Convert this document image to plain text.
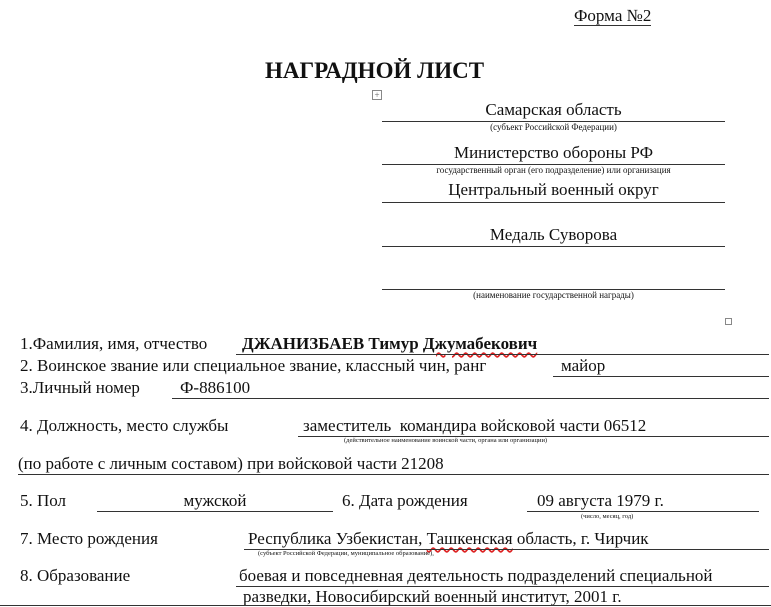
Форма №2
НАГРАДНОЙ ЛИСТ
+
Самарская область
(субъект Российской Федерации)
Министерство обороны РФ
государственный орган (его подразделение) или организация
Центральный военный округ
Медаль Суворова
(наименование государственной награды)
1.Фамилия, имя, отчество ДЖАНИЗБАЕВ Тимур Джумабекович
2. Воинское звание или специальное звание, классный чин, ранг	майор
3.Личный номер Ф-886100
4. Должность, место службы	заместитель  командира войсковой части 06512
(действительное наименование воинской части, органа или организации)
(по работе с личным составом) при войсковой части 21208
5. Пол	мужской	6. Дата рождения	09 августа 1979 г.
(число, месяц, год)
7. Место рождения	Республика Узбекистан, Ташкенская область, г. Чирчик
(субъект Российской Федерации, муниципальное образование),
8. Образование	боевая и повседневная деятельность подразделений специальной
разведки, Новосибирский военный институт, 2001 г.
